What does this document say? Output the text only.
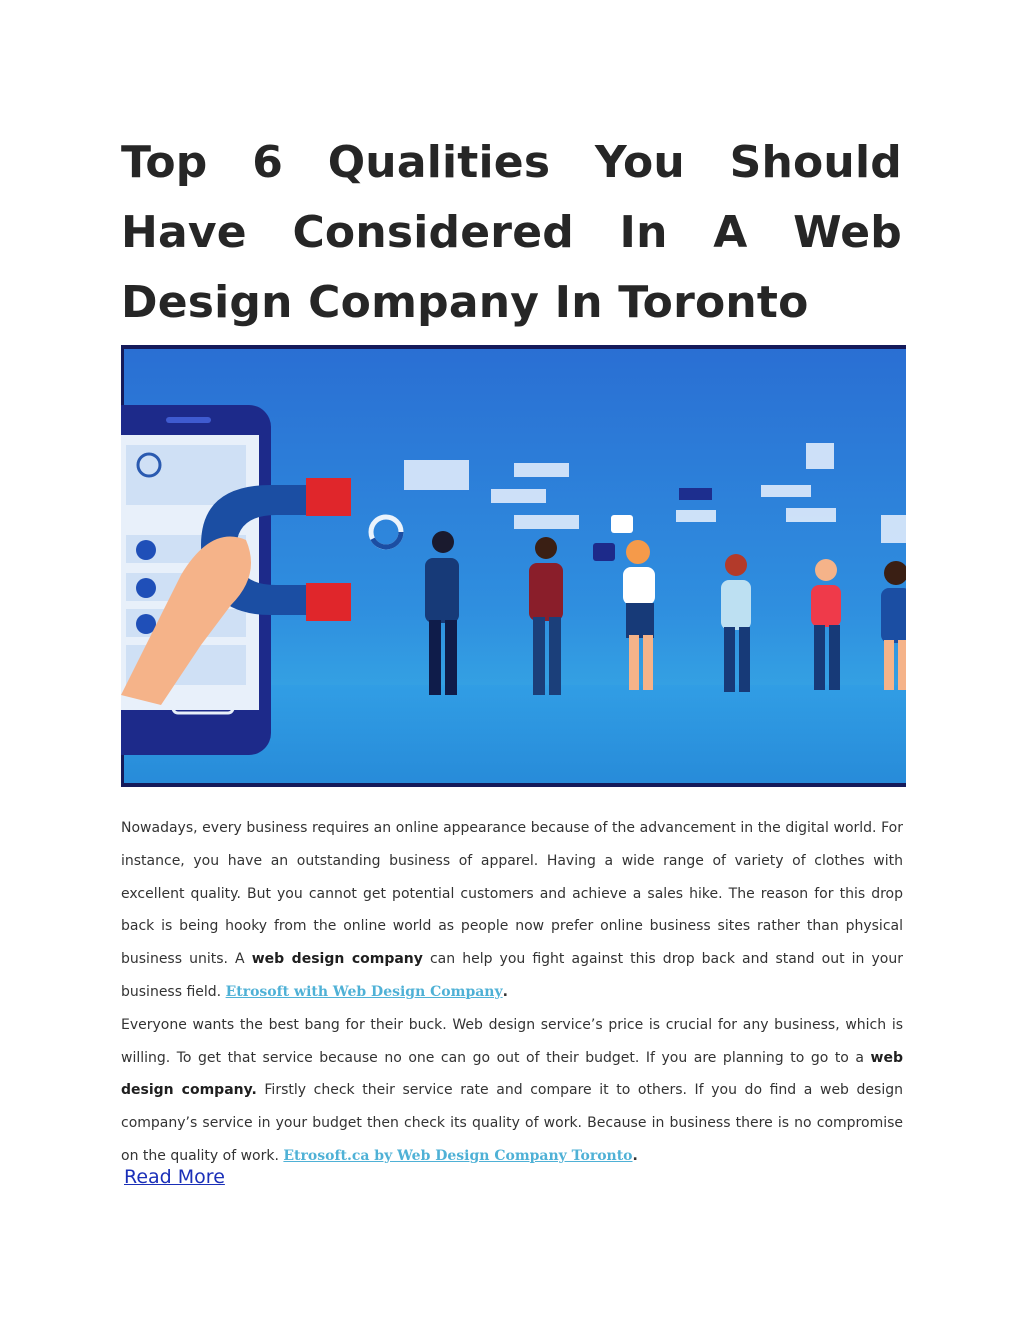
Top 6 Qualities You Should
Have Considered In A Web
Design Company In Toronto

Nowadays, every business requires an online appearance because of the advancement in the digital world. For instance, you have an outstanding business of apparel. Having a wide range of variety of clothes with excellent quality. But you cannot get potential customers and achieve a sales hike. The reason for this drop back is being hooky from the online world as people now prefer online business sites rather than physical business units. A web design company can help you fight against this drop back and stand out in your business field. Etrosoft with Web Design Company.

Everyone wants the best bang for their buck. Web design service’s price is crucial for any business, which is willing. To get that service because no one can go out of their budget. If you are planning to go to a web design company. Firstly check their service rate and compare it to others. If you do find a web design company’s service in your budget then check its quality of work. Because in business there is no compromise on the quality of work. Etrosoft.ca by Web Design Company Toronto.

Read More
